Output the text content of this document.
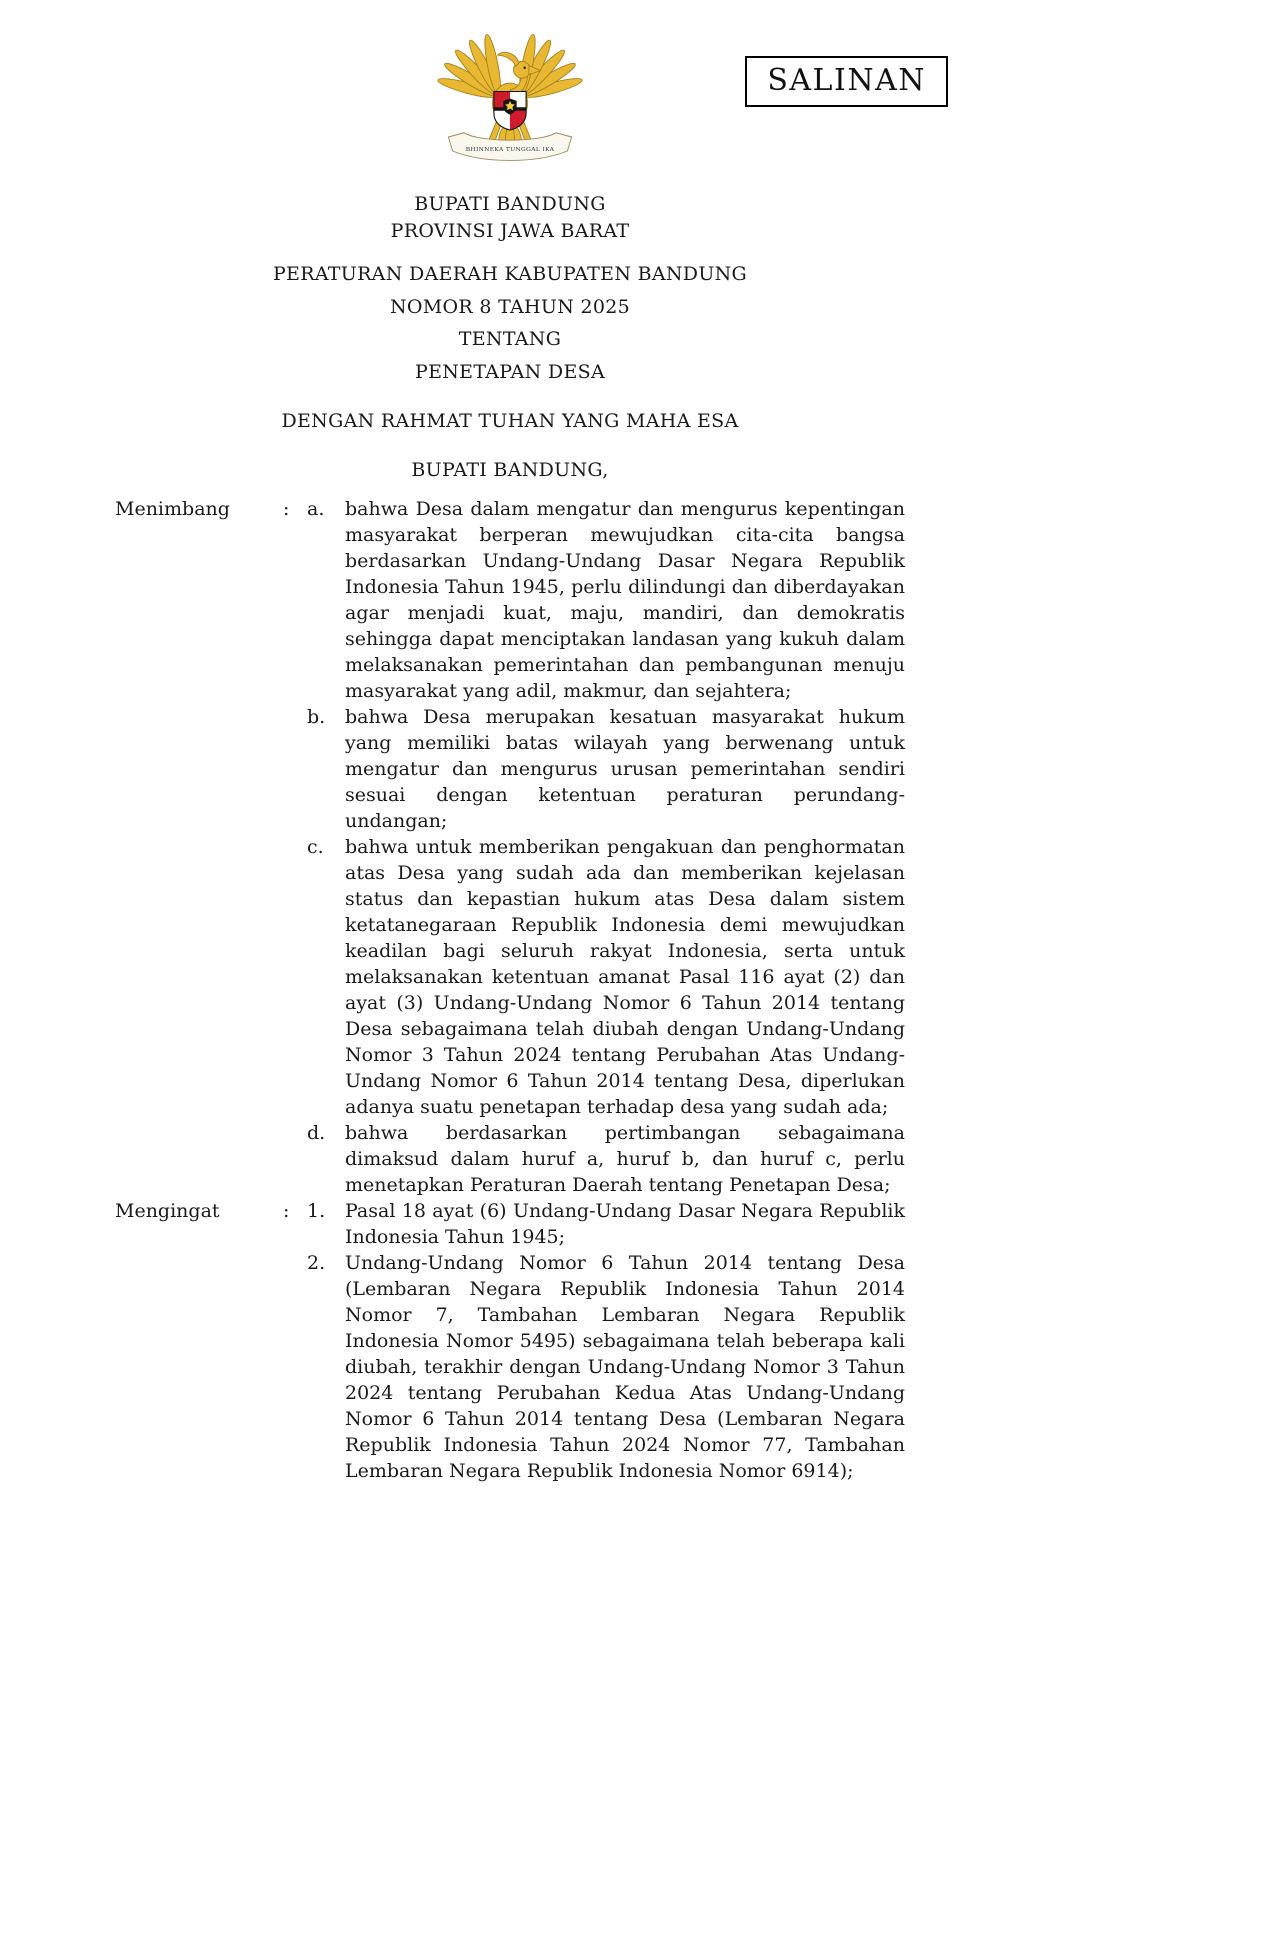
SALINAN
BHINNEKA TUNGGAL IKA
BUPATI BANDUNG
PROVINSI JAWA BARAT
PERATURAN DAERAH KABUPATEN BANDUNG
NOMOR 8 TAHUN 2025
TENTANG
PENETAPAN DESA
DENGAN RAHMAT TUHAN YANG MAHA ESA
BUPATI BANDUNG,
Menimbang	: a.	bahwa Desa dalam mengatur dan mengurus kepentingan masyarakat berperan mewujudkan cita-cita bangsa berdasarkan Undang-Undang Dasar Negara Republik Indonesia Tahun 1945, perlu dilindungi dan diberdayakan agar menjadi kuat, maju, mandiri, dan demokratis sehingga dapat menciptakan landasan yang kukuh dalam melaksanakan pemerintahan dan pembangunan menuju masyarakat yang adil, makmur, dan sejahtera;
b.	bahwa Desa merupakan kesatuan masyarakat hukum yang memiliki batas wilayah yang berwenang untuk mengatur dan mengurus urusan pemerintahan sendiri sesuai dengan ketentuan peraturan perundang-undangan;
c.	bahwa untuk memberikan pengakuan dan penghormatan atas Desa yang sudah ada dan memberikan kejelasan status dan kepastian hukum atas Desa dalam sistem ketatanegaraan Republik Indonesia demi mewujudkan keadilan bagi seluruh rakyat Indonesia, serta untuk melaksanakan ketentuan amanat Pasal 116 ayat (2) dan ayat (3) Undang-Undang Nomor 6 Tahun 2014 tentang Desa sebagaimana telah diubah dengan Undang-Undang Nomor 3 Tahun 2024 tentang Perubahan Atas Undang-Undang Nomor 6 Tahun 2014 tentang Desa, diperlukan adanya suatu penetapan terhadap desa yang sudah ada;
d.	bahwa berdasarkan pertimbangan sebagaimana dimaksud dalam huruf a, huruf b, dan huruf c, perlu menetapkan Peraturan Daerah tentang Penetapan Desa;
Mengingat	: 1.	Pasal 18 ayat (6) Undang-Undang Dasar Negara Republik Indonesia Tahun 1945;
2.	Undang-Undang Nomor 6 Tahun 2014 tentang Desa (Lembaran Negara Republik Indonesia Tahun 2014 Nomor 7, Tambahan Lembaran Negara Republik Indonesia Nomor 5495) sebagaimana telah beberapa kali diubah, terakhir dengan Undang-Undang Nomor 3 Tahun 2024 tentang Perubahan Kedua Atas Undang-Undang Nomor 6 Tahun 2014 tentang Desa (Lembaran Negara Republik Indonesia Tahun 2024 Nomor 77, Tambahan Lembaran Negara Republik Indonesia Nomor 6914);
